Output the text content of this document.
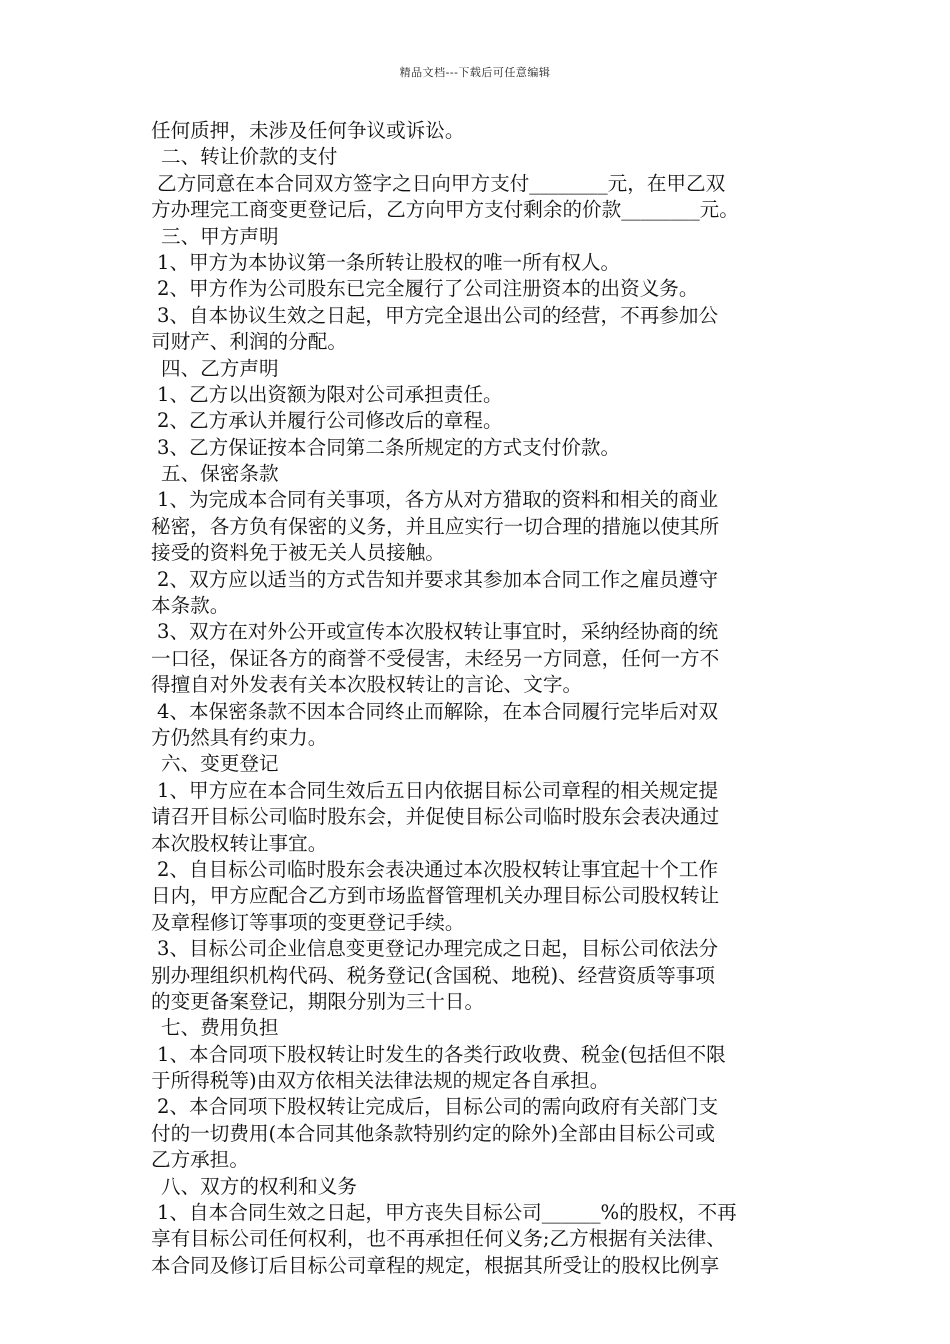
精品文档---下载后可任意编辑
任何质押，未涉及任何争议或诉讼。
二、转让价款的支付
乙方同意在本合同双方签字之日向甲方支付________元，在甲乙双
方办理完工商变更登记后，乙方向甲方支付剩余的价款________元。
三、甲方声明
1、甲方为本协议第一条所转让股权的唯一所有权人。
2、甲方作为公司股东已完全履行了公司注册资本的出资义务。
3、自本协议生效之日起，甲方完全退出公司的经营，不再参加公
司财产、利润的分配。
四、乙方声明
1、乙方以出资额为限对公司承担责任。
2、乙方承认并履行公司修改后的章程。
3、乙方保证按本合同第二条所规定的方式支付价款。
五、保密条款
1、为完成本合同有关事项，各方从对方猎取的资料和相关的商业
秘密，各方负有保密的义务，并且应实行一切合理的措施以使其所
接受的资料免于被无关人员接触。
2、双方应以适当的方式告知并要求其参加本合同工作之雇员遵守
本条款。
3、双方在对外公开或宣传本次股权转让事宜时，采纳经协商的统
一口径，保证各方的商誉不受侵害，未经另一方同意，任何一方不
得擅自对外发表有关本次股权转让的言论、文字。
4、本保密条款不因本合同终止而解除，在本合同履行完毕后对双
方仍然具有约束力。
六、变更登记
1、甲方应在本合同生效后五日内依据目标公司章程的相关规定提
请召开目标公司临时股东会，并促使目标公司临时股东会表决通过
本次股权转让事宜。
2、自目标公司临时股东会表决通过本次股权转让事宜起十个工作
日内，甲方应配合乙方到市场监督管理机关办理目标公司股权转让
及章程修订等事项的变更登记手续。
3、目标公司企业信息变更登记办理完成之日起，目标公司依法分
别办理组织机构代码、税务登记(含国税、地税)、经营资质等事项
的变更备案登记，期限分别为三十日。
七、费用负担
1、本合同项下股权转让时发生的各类行政收费、税金(包括但不限
于所得税等)由双方依相关法律法规的规定各自承担。
2、本合同项下股权转让完成后，目标公司的需向政府有关部门支
付的一切费用(本合同其他条款特别约定的除外)全部由目标公司或
乙方承担。
八、双方的权利和义务
1、自本合同生效之日起，甲方丧失目标公司______%的股权，不再
享有目标公司任何权利，也不再承担任何义务;乙方根据有关法律、
本合同及修订后目标公司章程的规定，根据其所受让的股权比例享
